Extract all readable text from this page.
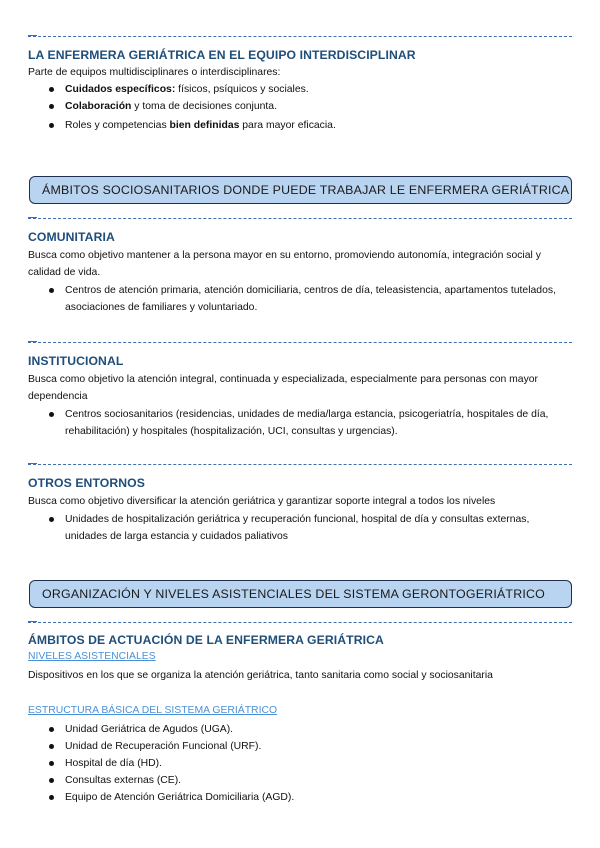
LA ENFERMERA GERIÁTRICA EN EL EQUIPO INTERDISCIPLINAR
Parte de equipos multidisciplinares o interdisciplinares:
Cuidados específicos: físicos, psíquicos y sociales.
Colaboración y toma de decisiones conjunta.
Roles y competencias bien definidas para mayor eficacia.
ÁMBITOS SOCIOSANITARIOS DONDE PUEDE TRABAJAR LE ENFERMERA GERIÁTRICA
COMUNITARIA
Busca como objetivo mantener a la persona mayor en su entorno, promoviendo autonomía, integración social y calidad de vida.
Centros de atención primaria, atención domiciliaria, centros de día, teleasistencia, apartamentos tutelados, asociaciones de familiares y voluntariado.
INSTITUCIONAL
Busca como objetivo la atención integral, continuada y especializada, especialmente para personas con mayor dependencia
Centros sociosanitarios (residencias, unidades de media/larga estancia, psicogeriatría, hospitales de día, rehabilitación) y hospitales (hospitalización, UCI, consultas y urgencias).
OTROS ENTORNOS
Busca como objetivo diversificar la atención geriátrica y garantizar soporte integral a todos los niveles
Unidades de hospitalización geriátrica y recuperación funcional, hospital de día y consultas externas, unidades de larga estancia y cuidados paliativos
ORGANIZACIÓN Y NIVELES ASISTENCIALES DEL SISTEMA GERONTOGERIÁTRICO
ÁMBITOS DE ACTUACIÓN DE LA ENFERMERA GERIÁTRICA
NIVELES ASISTENCIALES
Dispositivos en los que se organiza la atención geriátrica, tanto sanitaria como social y sociosanitaria
ESTRUCTURA BÁSICA DEL SISTEMA GERIÁTRICO
Unidad Geriátrica de Agudos (UGA).
Unidad de Recuperación Funcional (URF).
Hospital de día (HD).
Consultas externas (CE).
Equipo de Atención Geriátrica Domiciliaria (AGD).
